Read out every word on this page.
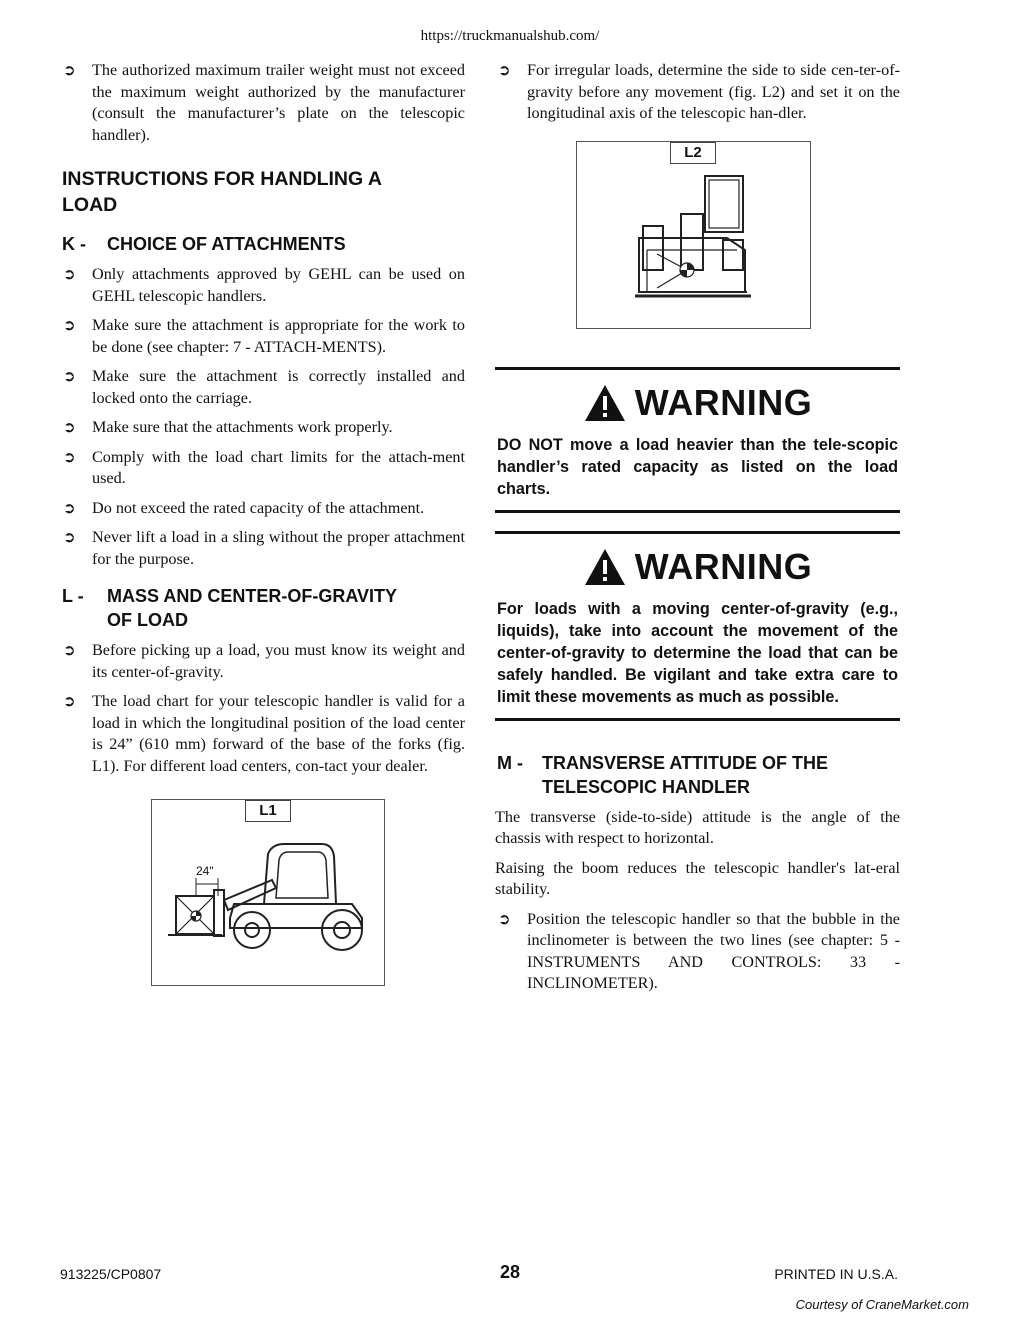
https://truckmanualshub.com/
➲	The authorized maximum trailer weight must not exceed the maximum weight authorized by the manufacturer (consult the manufacturer’s plate on the telescopic handler).
INSTRUCTIONS FOR HANDLING A
LOAD
K -	CHOICE OF ATTACHMENTS
➲	Only attachments approved by GEHL can be used on GEHL telescopic handlers.
➲	Make sure the attachment is appropriate for the work to be done (see chapter: 7 - ATTACH-MENTS).
➲	Make sure the attachment is correctly installed and locked onto the carriage.
➲	Make sure that the attachments work properly.
➲	Comply with the load chart limits for the attach-ment used.
➲	Do not exceed the rated capacity of the attachment.
➲	Never lift a load in a sling without the proper attachment for the purpose.
L -	MASS AND CENTER-OF-GRAVITY
OF LOAD
➲	Before picking up a load, you must know its weight and its center-of-gravity.
➲	The load chart for your telescopic handler is valid for a load in which the longitudinal position of the load center is 24” (610 mm) forward of the base of the forks (fig. L1). For different load centers, con-tact your dealer.
L1
24"
➲	For irregular loads, determine the side to side cen-ter-of-gravity before any movement (fig. L2) and set it on the longitudinal axis of the telescopic han-dler.
L2
WARNING
DO NOT move a load heavier than the tele-scopic handler’s rated capacity as listed on the load charts.
WARNING
For loads with a moving center-of-gravity (e.g., liquids), take into account the movement of the center-of-gravity to determine the load that can be safely handled. Be vigilant and take extra care to limit these movements as much as possible.
M -	TRANSVERSE ATTITUDE OF THE
TELESCOPIC HANDLER
The transverse (side-to-side) attitude is the angle of the chassis with respect to horizontal.
Raising the boom reduces the telescopic handler's lat-eral stability.
➲	Position the telescopic handler so that the bubble in the inclinometer is between the two lines (see chapter: 5 - INSTRUMENTS AND CONTROLS: 33 - INCLINOMETER).
913225/CP0807	28	PRINTED IN U.S.A.
Courtesy of CraneMarket.com
